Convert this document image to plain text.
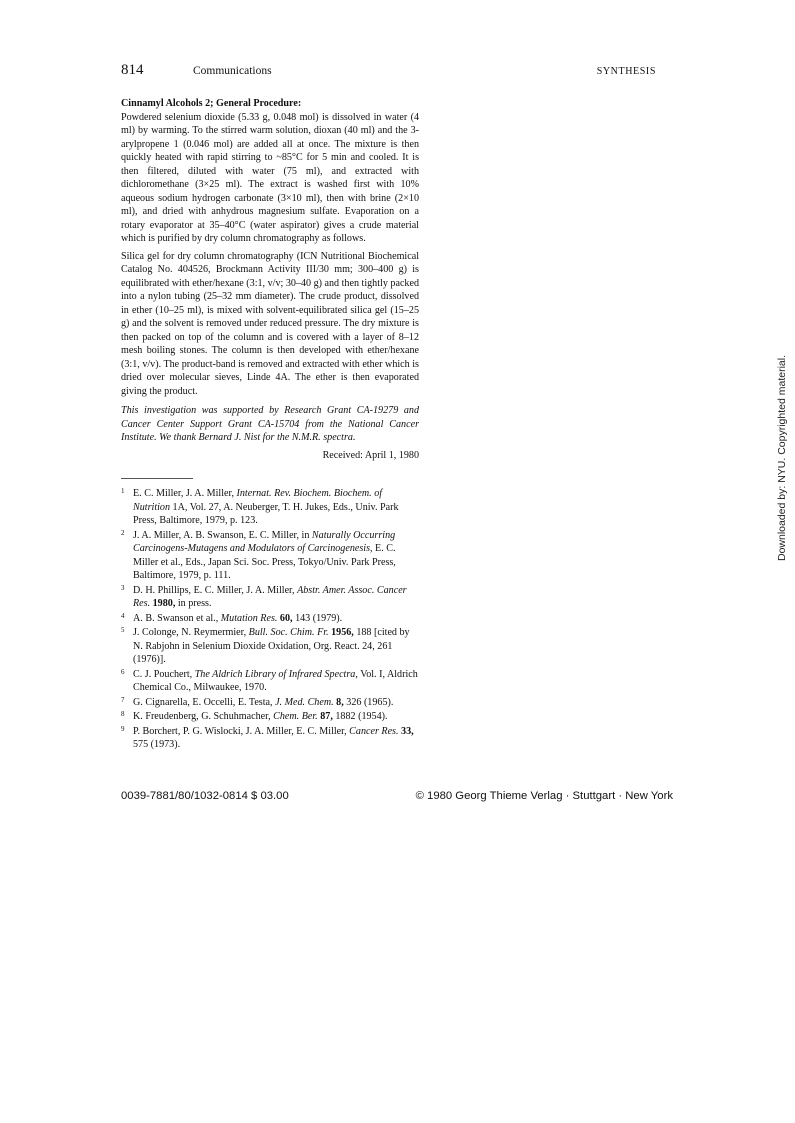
814	Communications	SYNTHESIS

Cinnamyl Alcohols 2; General Procedure:
Powdered selenium dioxide (5.33 g, 0.048 mol) is dissolved in water (4 ml) by warming. To the stirred warm solution, dioxan (40 ml) and the 3-arylpropene 1 (0.046 mol) are added all at once. The mixture is then quickly heated with rapid stirring to ~85°C for 5 min and cooled. It is then filtered, diluted with water (75 ml), and extracted with dichloromethane (3×25 ml). The extract is washed first with 10% aqueous sodium hydrogen carbonate (3×10 ml), then with brine (2×10 ml), and dried with anhydrous magnesium sulfate. Evaporation on a rotary evaporator at 35–40°C (water aspirator) gives a crude material which is purified by dry column chromatography as follows.

Silica gel for dry column chromatography (ICN Nutritional Biochemical Catalog No. 404526, Brockmann Activity III/30 mm; 300–400 g) is equilibrated with ether/hexane (3:1, v/v; 30–40 g) and then tightly packed into a nylon tubing (25–32 mm diameter). The crude product, dissolved in ether (10–25 ml), is mixed with solvent-equilibrated silica gel (15–25 g) and the solvent is removed under reduced pressure. The dry mixture is then packed on top of the column and is covered with a layer of 8–12 mesh boiling stones. The column is then developed with ether/hexane (3:1, v/v). The product-band is removed and extracted with ether which is dried over molecular sieves, Linde 4A. The ether is then evaporated giving the product.

This investigation was supported by Research Grant CA-19279 and Cancer Center Support Grant CA-15704 from the National Cancer Institute. We thank Bernard J. Nist for the N.M.R. spectra.

Received: April 1, 1980
1 E. C. Miller, J. A. Miller, Internat. Rev. Biochem. Biochem. of Nutrition 1A, Vol. 27, A. Neuberger, T. H. Jukes, Eds., Univ. Park Press, Baltimore, 1979, p. 123.
2 J. A. Miller, A. B. Swanson, E. C. Miller, in Naturally Occurring Carcinogens-Mutagens and Modulators of Carcinogenesis, E. C. Miller et al., Eds., Japan Sci. Soc. Press, Tokyo/Univ. Park Press, Baltimore, 1979, p. 111.
3 D. H. Phillips, E. C. Miller, J. A. Miller, Abstr. Amer. Assoc. Cancer Res. 1980, in press.
4 A. B. Swanson et al., Mutation Res. 60, 143 (1979).
5 J. Colonge, N. Reymermier, Bull. Soc. Chim. Fr. 1956, 188 [cited by N. Rabjohn in Selenium Dioxide Oxidation, Org. React. 24, 261 (1976)].
6 C. J. Pouchert, The Aldrich Library of Infrared Spectra, Vol. I, Aldrich Chemical Co., Milwaukee, 1970.
7 G. Cignarella, E. Occelli, E. Testa, J. Med. Chem. 8, 326 (1965).
8 K. Freudenberg, G. Schuhmacher, Chem. Ber. 87, 1882 (1954).
9 P. Borchert, P. G. Wislocki, J. A. Miller, E. C. Miller, Cancer Res. 33, 575 (1973).
0039-7881/80/1032-0814 $ 03.00	© 1980 Georg Thieme Verlag · Stuttgart · New York
Downloaded by: NYU. Copyrighted material.
